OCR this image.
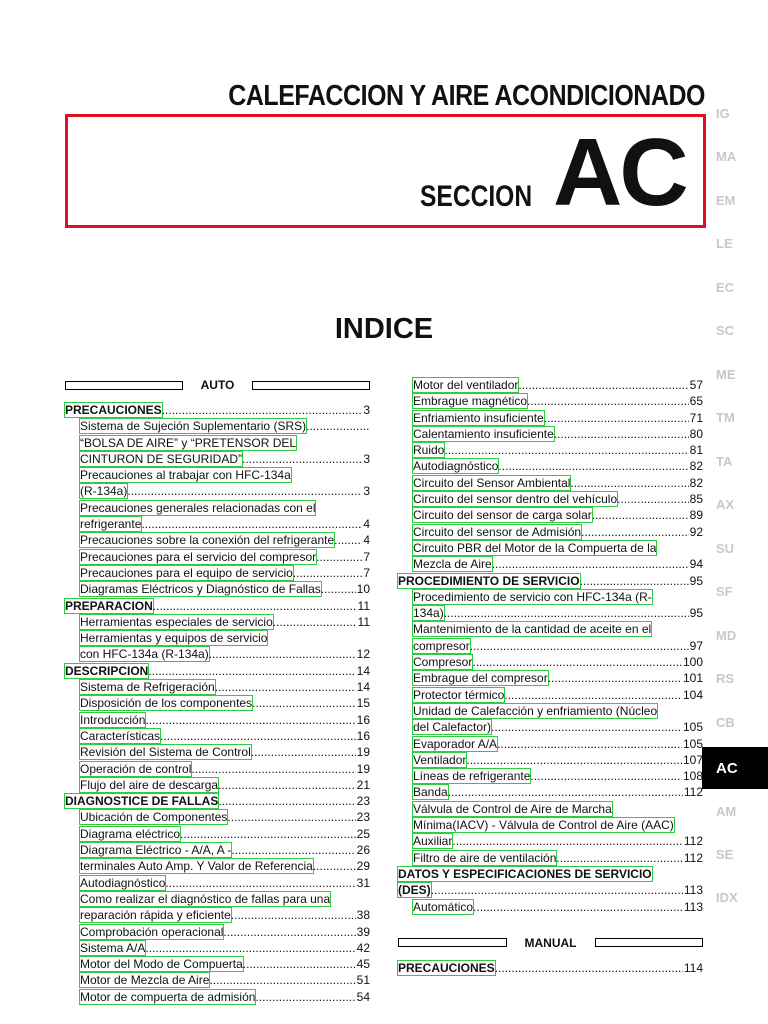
CALEFACCION Y AIRE ACONDICIONADO
SECCION AC
INDICE
IG
MA
EM
LE
EC
SC
ME
TM
TA
AX
SU
SF
MD
RS
CB
AC
AM
SE
IDX
AUTO
PRECAUCIONES .....	3
Sistema de Sujeción Suplementario (SRS)
.....
“BOLSA DE AIRE” y “PRETENSOR DEL
CINTURON DE SEGURIDAD” .....	3
Precauciones al trabajar con HFC-134a
(R-134a) .....	3
Precauciones generales relacionadas con el
refrigerante .....	4
Precauciones sobre la conexión del refrigerante ..... 4
Precauciones para el servicio del compresor .....	7
Precauciones para el equipo de servicio .....	7
Diagramas Eléctricos y Diagnóstico de Fallas .....	10
PREPARACION .....	11
Herramientas especiales de servicio .....	11
Herramientas y equipos de servicio
con HFC-134a (R-134a) .....	12
DESCRIPCION .....	14
Sistema de Refrigeración .....	14
Disposición de los componentes .....	15
Introducción .....	16
Características .....	16
Revisión del Sistema de Control .....	19
Operación de control .....	19
Flujo del aire de descarga .....	21
DIAGNOSTICE DE FALLAS .....	23
Ubicación de Componentes .....	23
Diagrama eléctrico .....	25
Diagrama Eléctrico - A/A, A - .....	26
terminales Auto Amp. Y Valor de Referencia .....	29
Autodiagnóstico .....	31
Como realizar el diagnóstico de fallas para una
reparación rápida y eficiente .....	38
Comprobación operacional .....	39
Sistema A/A .....	42
Motor del Modo de Compuerta .....	45
Motor de Mezcla de Aire .....	51
Motor de compuerta de admisión .....	54
Motor del ventilador .....	57
Embrague magnético .....	65
Enfriamiento insuficiente .....	71
Calentamiento insuficiente .....	80
Ruido .....	81
Autodiagnóstico .....	82
Circuito del Sensor Ambiental .....	82
Circuito del sensor dentro del vehículo .....	85
Circuito del sensor de carga solar .....	89
Circuito del sensor de Admisión .....	92
Circuito PBR del Motor de la Compuerta de la
Mezcla de Aire .....	94
PROCEDIMIENTO DE SERVICIO .....	95
Procedimiento de servicio con HFC-134a (R-
134a) .....	95
Mantenimiento de la cantidad de aceite en el
compresor .....	97
Compresor .....	100
Embrague del compresor .....	101
Protector térmico .....	104
Unidad de Calefacción y enfriamiento (Núcleo
del Calefactor) .....	105
Evaporador A/A .....	105
Ventilador .....	107
Líneas de refrigerante .....	108
Banda .....	112
Válvula de Control de Aire de Marcha
Mínima(IACV) - Válvula de Control de Aire (AAC)
Auxiliar .....	112
Filtro de aire de ventilación .....	112
DATOS Y ESPECIFICACIONES DE SERVICIO
(DES) .....	113
Automático .....	113
MANUAL
PRECAUCIONES .....	114
